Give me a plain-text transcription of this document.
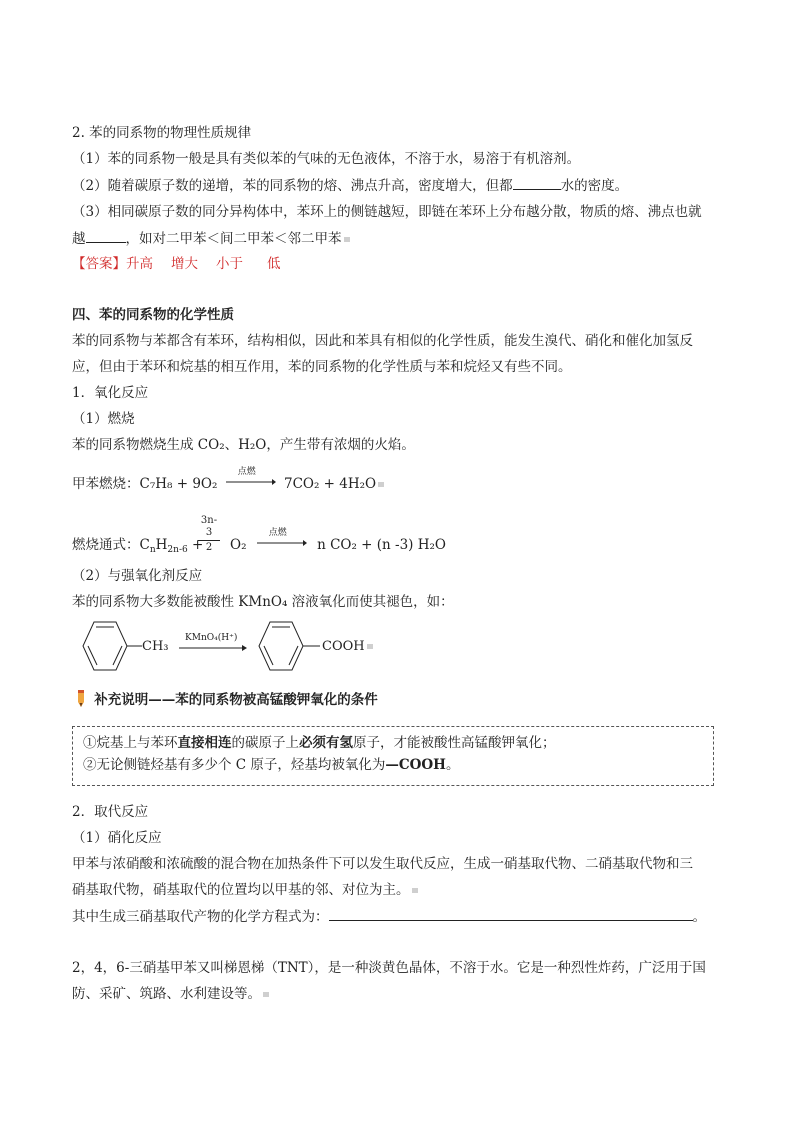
2. 苯的同系物的物理性质规律
（1）苯的同系物一般是具有类似苯的气味的无色液体，不溶于水，易溶于有机溶剂。
（2）随着碳原子数的递增，苯的同系物的熔、沸点升高，密度增大，但都	水的密度。
（3）相同碳原子数的同分异构体中，苯环上的侧链越短，即链在苯环上分布越分散，物质的熔、沸点也就
越	，如对二甲苯＜间二甲苯＜邻二甲苯
【答案】升高 增大 小于 低
四、苯的同系物的化学性质
苯的同系物与苯都含有苯环，结构相似，因此和苯具有相似的化学性质，能发生溴代、硝化和催化加氢反
应，但由于苯环和烷基的相互作用，苯的同系物的化学性质与苯和烷烃又有些不同。
1．氧化反应
（1）燃烧
苯的同系物燃烧生成 CO₂、H₂O，产生带有浓烟的火焰。
甲苯燃烧：C₇H₈ + 9O₂
点燃
7CO₂ + 4H₂O
燃烧通式：$C_nH_{2n-6}$ +
3n-3
2	O₂
点燃
n CO₂ + (n -3) H₂O
（2）与强氧化剂反应
苯的同系物大多数能被酸性 KMnO₄ 溶液氧化而使其褪色，如：
CH₃
KMnO₄(H⁺)
COOH
补充说明——苯的同系物被高锰酸钾氧化的条件
①烷基上与苯环直接相连的碳原子上必须有氢原子，才能被酸性高锰酸钾氧化；
②无论侧链烃基有多少个 C 原子，烃基均被氧化为—COOH。
2．取代反应
（1）硝化反应
甲苯与浓硝酸和浓硫酸的混合物在加热条件下可以发生取代反应，生成一硝基取代物、二硝基取代物和三
硝基取代物，硝基取代的位置均以甲基的邻、对位为主。
其中生成三硝基取代产物的化学方程式为：	。
2，4，6-三硝基甲苯又叫梯恩梯（TNT），是一种淡黄色晶体，不溶于水。它是一种烈性炸药，广泛用于国
防、采矿、筑路、水利建设等。
